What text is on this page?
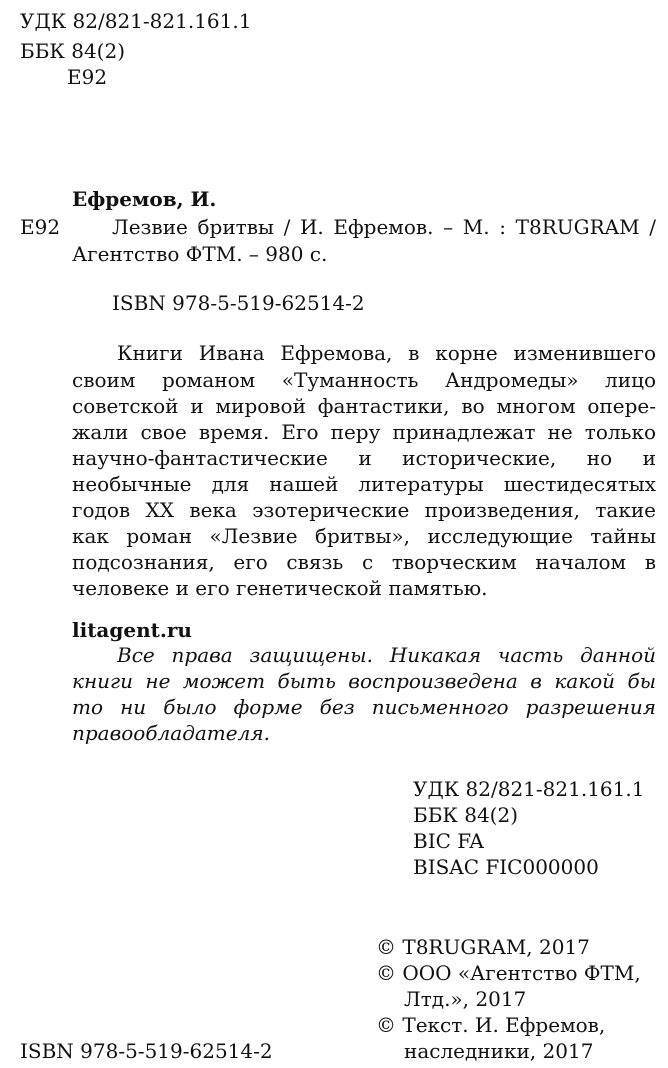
УДК 82/821-821.161.1
ББК 84(2)
Е92
Ефремов, И.
Е92	Лезвие бритвы / И. Ефремов. – М. : T8RUGRAM /
Агентство ФТМ. – 980 с.
ISBN 978-5-519-62514-2
Книги Ивана Ефремова, в корне изменившего
своим романом «Туманность Андромеды» лицо
советской и мировой фантастики, во многом опере-
жали свое время. Его перу принадлежат не только
научно-фантастические и исторические, но и
необычные для нашей литературы шестидесятых
годов XX века эзотерические произведения, такие
как роман «Лезвие бритвы», исследующие тайны
подсознания, его связь с творческим началом в
человеке и его генетической памятью.
litagent.ru
Все права защищены. Никакая часть данной
книги не может быть воспроизведена в какой бы
то ни было форме без письменного разрешения
правообладателя.
УДК 82/821-821.161.1
ББК 84(2)
BIC FA
BISAC FIC000000
© T8RUGRAM, 2017
© ООО «Агентство ФТМ,
Лтд.», 2017
© Текст. И. Ефремов,
наследники, 2017
ISBN 978-5-519-62514-2
